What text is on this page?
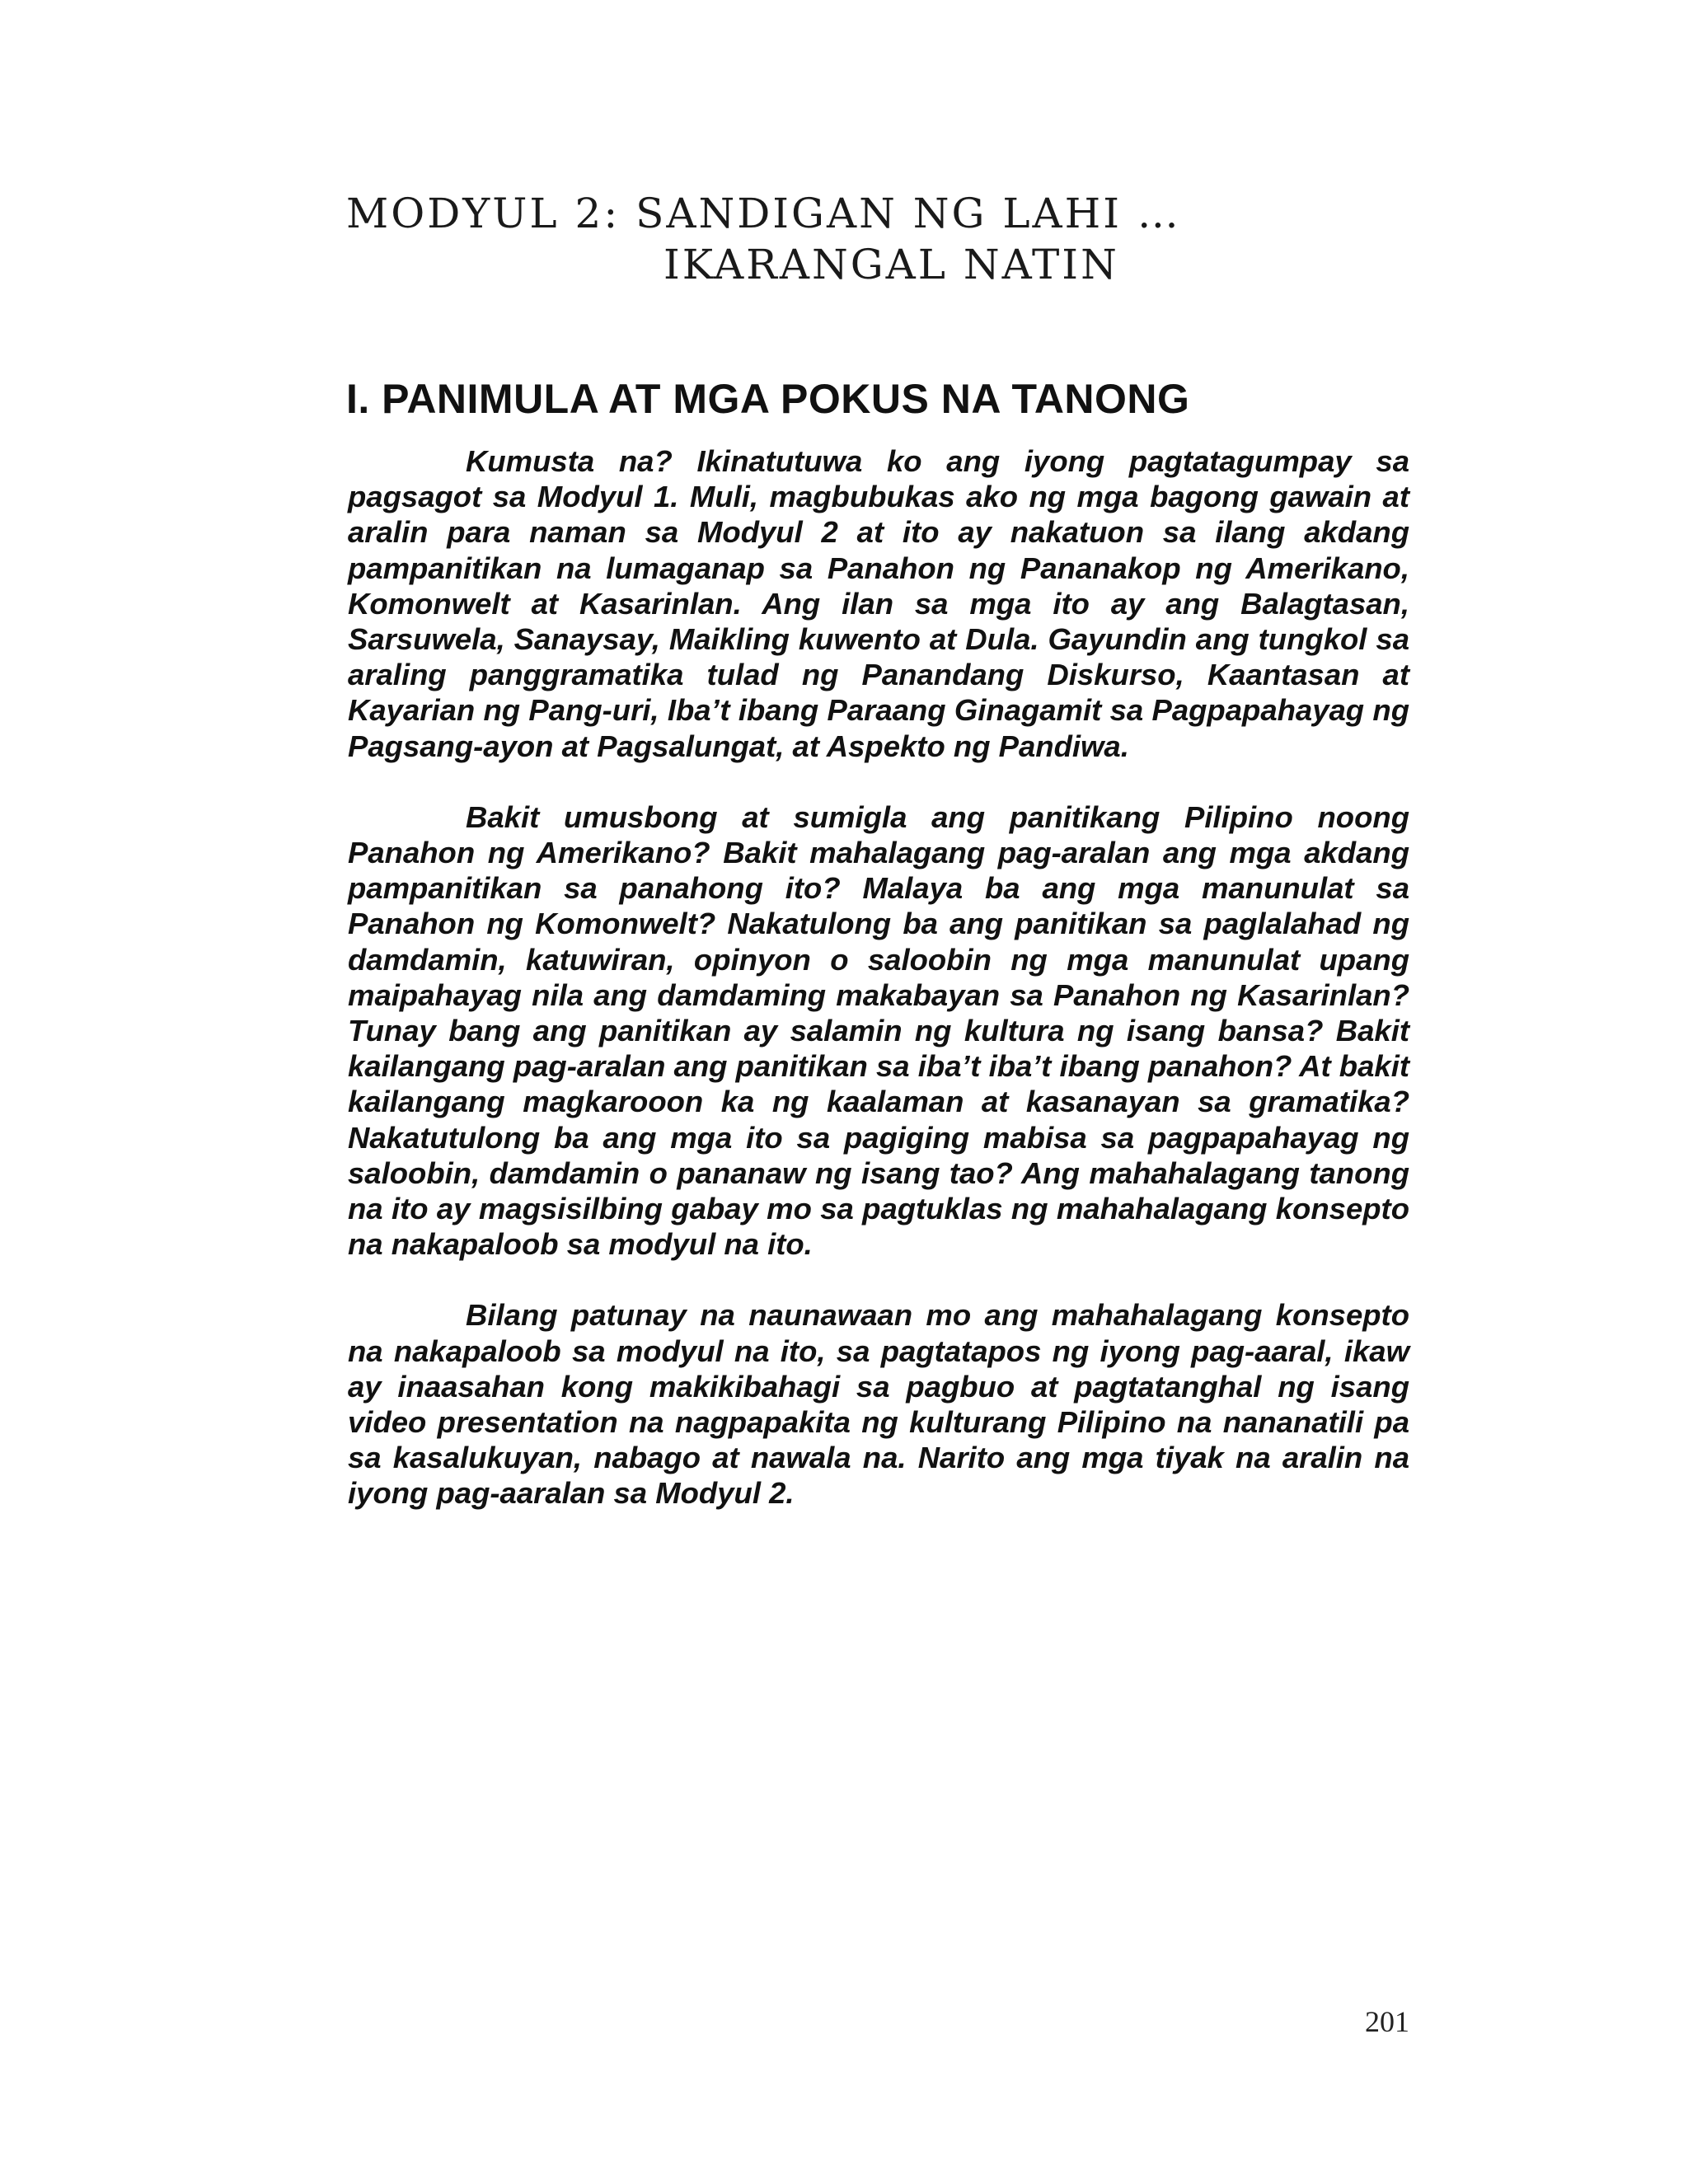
MODYUL 2: SANDIGAN NG LAHI …
IKARANGAL NATIN
I. PANIMULA AT MGA POKUS NA TANONG

Kumusta na? Ikinatutuwa ko ang iyong pagtatagumpay sa pagsagot sa Modyul 1. Muli, magbubukas ako ng mga bagong gawain at aralin para naman sa Modyul 2 at ito ay nakatuon sa ilang akdang pampanitikan na lumaganap sa Panahon ng Pananakop ng Amerikano, Komonwelt at Kasarinlan. Ang ilan sa mga ito ay ang Balagtasan, Sarsuwela, Sanaysay, Maikling kuwento at Dula. Gayundin ang tungkol sa araling panggramatika tulad ng Panandang Diskurso, Kaantasan at Kayarian ng Pang-uri, Iba’t ibang Paraang Ginagamit sa Pagpapahayag ng Pagsang-ayon at Pagsalungat, at Aspekto ng Pandiwa.

Bakit umusbong at sumigla ang panitikang Pilipino noong Panahon ng Amerikano? Bakit mahalagang pag-aralan ang mga akdang pampanitikan sa panahong ito? Malaya ba ang mga manunulat sa Panahon ng Komonwelt? Nakatulong ba ang panitikan sa paglalahad ng damdamin, katuwiran, opinyon o saloobin ng mga manunulat upang maipahayag nila ang damdaming makabayan sa Panahon ng Kasarinlan? Tunay bang ang panitikan ay salamin ng kultura ng isang bansa? Bakit kailangang pag-aralan ang panitikan sa iba’t iba’t ibang panahon? At bakit kailangang magkarooon ka ng kaalaman at kasanayan sa gramatika? Nakatutulong ba ang mga ito sa pagiging mabisa sa pagpapahayag ng saloobin, damdamin o pananaw ng isang tao? Ang mahahalagang tanong na ito ay magsisilbing gabay mo sa pagtuklas ng mahahalagang konsepto na nakapaloob sa modyul na ito.

Bilang patunay na naunawaan mo ang mahahalagang konsepto na nakapaloob sa modyul na ito, sa pagtatapos ng iyong pag-aaral, ikaw ay inaasahan kong makikibahagi sa pagbuo at pagtatanghal ng isang video presentation na nagpapakita ng kulturang Pilipino na nananatili pa sa kasalukuyan, nabago at nawala na. Narito ang mga tiyak na aralin na iyong pag-aaralan sa Modyul 2.

201
